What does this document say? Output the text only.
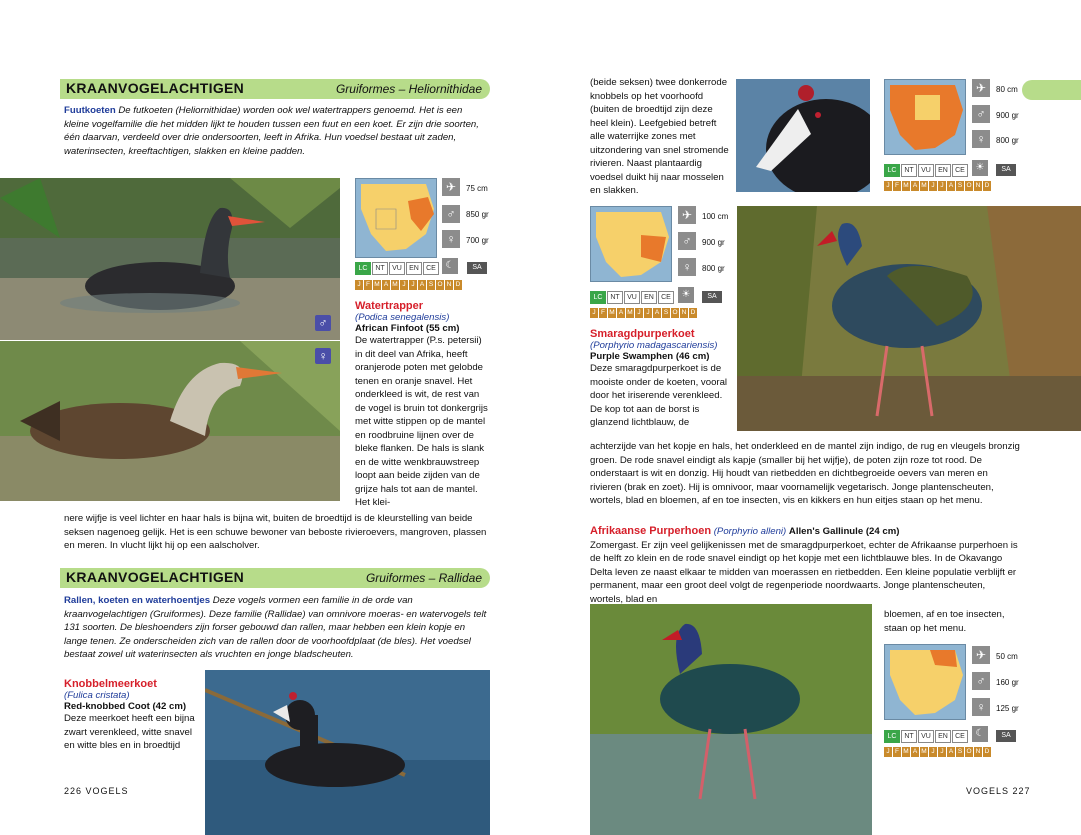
KRAANVOGELACHTIGEN	Gruiformes – Heliornithidae

Fuutkoeten De futkoeten (Heliornithidae) worden ook wel watertrappers genoemd. Het is een kleine vogelfamilie die het midden lijkt te houden tussen een fuut en een koet. Er zijn drie soorten, één daarvan, verdeeld over drie ondersoorten, leeft in Afrika. Hun voedsel bestaat uit zaden, waterinsecten, kreeftachtigen, slakken en kleine padden.

♂
♀
✈	75 cm
♂	850 gr
♀	700 gr
LC	NT	VU	EN	CE ☾	SA
J F M A M J J A S O N D
Watertrapper
(Podica senegalensis)
African Finfoot (55 cm)
De watertrapper (P.s. petersii) in dit deel van Afrika, heeft oranjerode poten met gelobde tenen en oranje snavel. Het onderkleed is wit, de rest van de vogel is bruin tot donkergrijs met witte stippen op de mantel en roodbruine lijnen over de bleke flanken. De hals is slank en de witte wenkbrauwstreep loopt aan beide zijden van de grijze hals tot aan de mantel. Het klei-

nere wijfje is veel lichter en haar hals is bijna wit, buiten de broedtijd is de kleurstelling van beide seksen nagenoeg gelijk. Het is een schuwe bewoner van beboste rivieroevers, mangroven, plassen en meren. In vlucht lijkt hij op een aalscholver.

KRAANVOGELACHTIGEN	Gruiformes – Rallidae

Rallen, koeten en waterhoentjes Deze vogels vormen een familie in de orde van kraanvogelachtigen (Gruiformes). Deze familie (Rallidae) van omnivore moeras- en watervogels telt 131 soorten. De bleshoenders zijn forser gebouwd dan rallen, maar hebben een klein kopje en lange tenen. Ze onderscheiden zich van de rallen door de voorhoofdplaat (de bles). Het voedsel bestaat zowel uit waterinsecten als vruchten en jonge bladscheuten.

Knobbelmeerkoet
(Fulica cristata)
Red-knobbed Coot (42 cm)
Deze meerkoet heeft een bijna zwart verenkleed, witte snavel en witte bles en in broedtijd
226 VOGELS

(beide seksen) twee donkerrode knobbels op het voorhoofd (buiten de broedtijd zijn deze heel klein). Leefgebied betreft alle waterrijke zones met uitzondering van snel stromende rivieren. Naast plantaardig voedsel duikt hij naar mosselen en slakken.

✈	80 cm
♂	900 gr
♀	800 gr
LC	NT	VU	EN	CE	☀	SA
J F M A M J J A S O N D
✈	100 cm
♂	900 gr
♀	800 gr
LC	NT	VU	EN	CE	☀	SA
J F M A M J J A S O N D
Smaragdpurperkoet
(Porphyrio madagascariensis)
Purple Swamphen (46 cm)
Deze smaragdpurperkoet is de mooiste onder de koeten, vooral door het iriserende verenkleed. De kop tot aan de borst is glanzend lichtblauw, de

achterzijde van het kopje en hals, het onderkleed en de mantel zijn indigo, de rug en vleugels bronzig groen. De rode snavel eindigt als kapje (smaller bij het wijfje), de poten zijn roze tot rood. De onderstaart is wit en donzig. Hij houdt van rietbedden en dichtbegroeide oevers van meren en rivieren (brak en zoet). Hij is omnivoor, maar voornamelijk vegetarisch. Jonge plantenscheuten, wortels, blad en bloemen, af en toe insecten, vis en kikkers en hun eitjes staan op het menu.

Afrikaanse Purperhoen (Porphyrio alleni) Allen's Gallinule (24 cm)
Zomergast. Er zijn veel gelijkenissen met de smaragdpurperkoet, echter de Afrikaanse purperhoen is de helft zo klein en de rode snavel eindigt op het kopje met een lichtblauwe bles. In de Okavango Delta leven ze naast elkaar te midden van moerassen en rietbedden. Een kleine populatie verblijft er permanent, maar een groot deel volgt de regenperiode noordwaarts. Jonge plantenscheuten, wortels, blad en

bloemen, af en toe insecten, staan op het menu.

✈	50 cm
♂	160 gr
♀	125 gr
LC	NT	VU	EN	CE	☾	SA
J F M A M J J A S O N D
VOGELS 227
